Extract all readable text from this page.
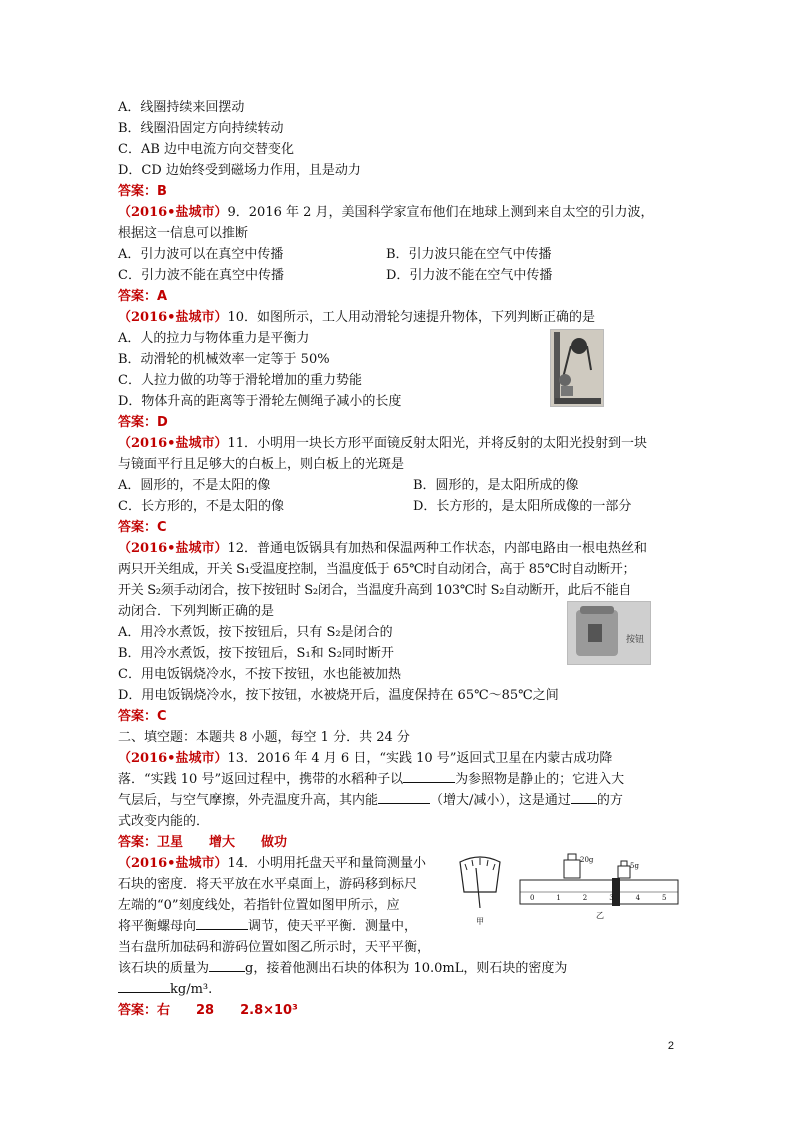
A．线圈持续来回摆动
B．线圈沿固定方向持续转动
C．AB 边中电流方向交替变化
D．CD 边始终受到磁场力作用，且是动力
答案：B
（2016•盐城市）9．2016 年 2 月，美国科学家宣布他们在地球上测到来自太空的引力波，
根据这一信息可以推断
A．引力波可以在真空中传播	B．引力波只能在空气中传播
C．引力波不能在真空中传播	D．引力波不能在空气中传播
答案：A
（2016•盐城市）10．如图所示，工人用动滑轮匀速提升物体，下列判断正确的是
A．人的拉力与物体重力是平衡力
B．动滑轮的机械效率一定等于 50%
C．人拉力做的功等于滑轮增加的重力势能
D．物体升高的距离等于滑轮左侧绳子减小的长度
答案：D
（2016•盐城市）11．小明用一块长方形平面镜反射太阳光，并将反射的太阳光投射到一块
与镜面平行且足够大的白板上，则白板上的光斑是
A．圆形的，不是太阳的像	B．圆形的，是太阳所成的像
C．长方形的，不是太阳的像	D．长方形的，是太阳所成像的一部分
答案：C
（2016•盐城市）12．普通电饭锅具有加热和保温两种工作状态，内部电路由一根电热丝和
两只开关组成，开关 S₁受温度控制，当温度低于 65℃时自动闭合，高于 85℃时自动断开；
开关 S₂须手动闭合，按下按钮时 S₂闭合，当温度升高到 103℃时 S₂自动断开，此后不能自
动闭合．下列判断正确的是
A．用冷水煮饭，按下按钮后，只有 S₂是闭合的
B．用冷水煮饭，按下按钮后，S₁和 S₂同时断开
C．用电饭锅烧冷水，不按下按钮，水也能被加热
D．用电饭锅烧冷水，按下按钮，水被烧开后，温度保持在 65℃～85℃之间
答案：C
按钮
二、填空题：本题共 8 小题，每空 1 分．共 24 分
（2016•盐城市）13．2016 年 4 月 6 日，“实践 10 号”返回式卫星在内蒙古成功降
落．“实践 10 号”返回过程中，携带的水稻种子以	为参照物是静止的；它进入大
气层后，与空气摩擦，外壳温度升高，其内能	（增大/减小），这是通过 的方
式改变内能的．
答案：卫星　　增大　　做功
（2016•盐城市）14．小明用托盘天平和量筒测量小
石块的密度．将天平放在水平桌面上，游码移到标尺
左端的“0”刻度线处，若指针位置如图甲所示，应
将平衡螺母向	调节，使天平平衡．测量中，
当右盘所加砝码和游码位置如图乙所示时，天平平衡，
该石块的质量为	g，接着他测出石块的体积为 10.0mL，则石块的密度为
kg/m³.
答案：右　　28　　2.8×10³
20g
5g
甲
乙
0	1	2	3	4	5
2
